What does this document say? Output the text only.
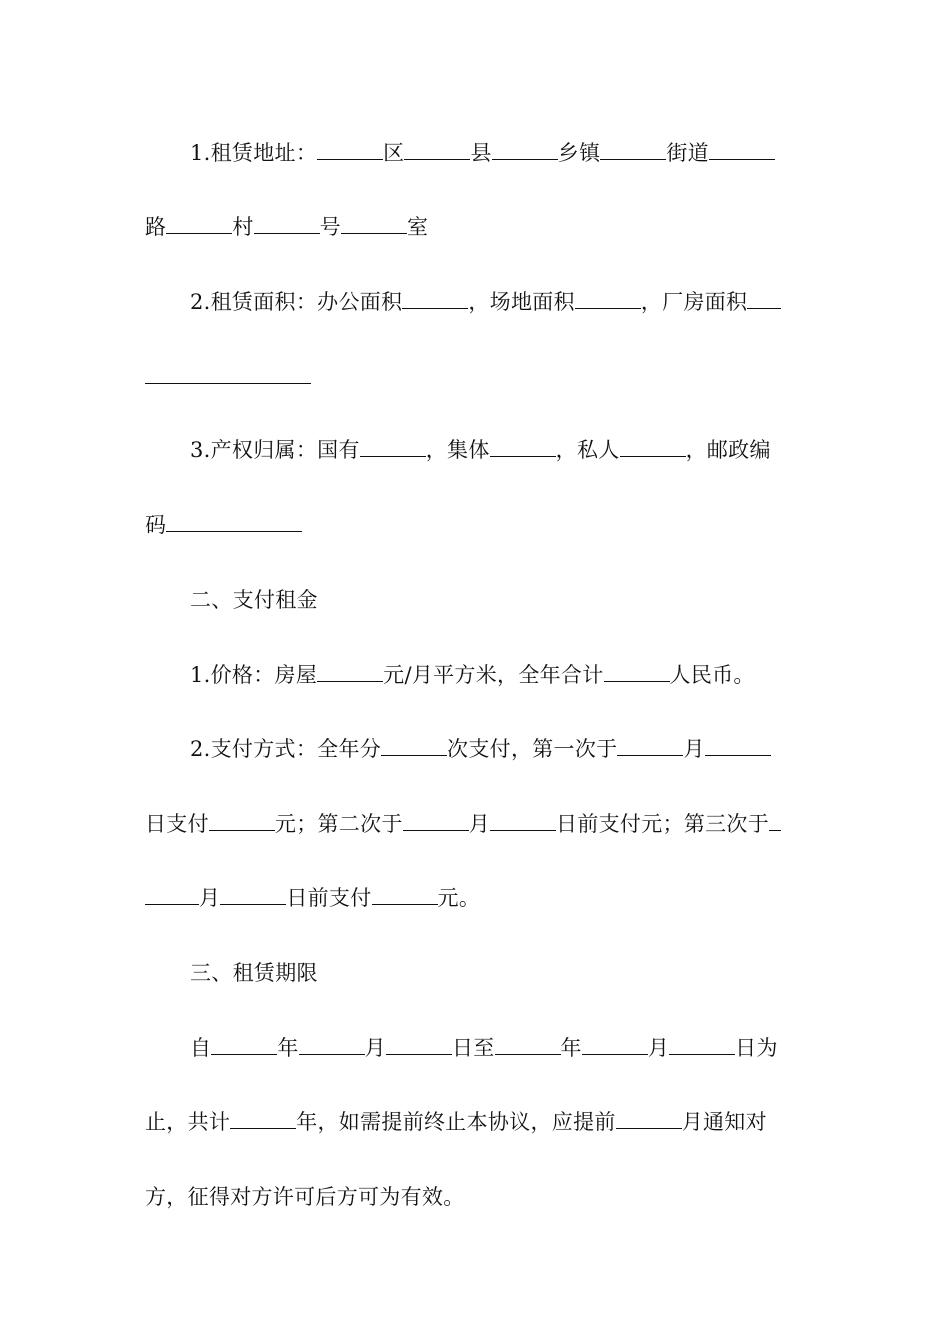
1.租赁地址：	区	县	乡镇	街道
路	村	号	室
2.租赁面积：办公面积	，场地面积	，厂房面积
3.产权归属：国有	，集体	，私人	，邮政编
码
二、支付租金
1.价格：房屋	元/月平方米，全年合计	人民币。
2.支付方式：全年分	次支付，第一次于	月
日支付	元；第二次于	月	日前支付元；第三次于
月	日前支付	元。
三、租赁期限
自	年	月	日至	年	月	日为
止，共计	年，如需提前终止本协议，应提前	月通知对
方，征得对方许可后方可为有效。
